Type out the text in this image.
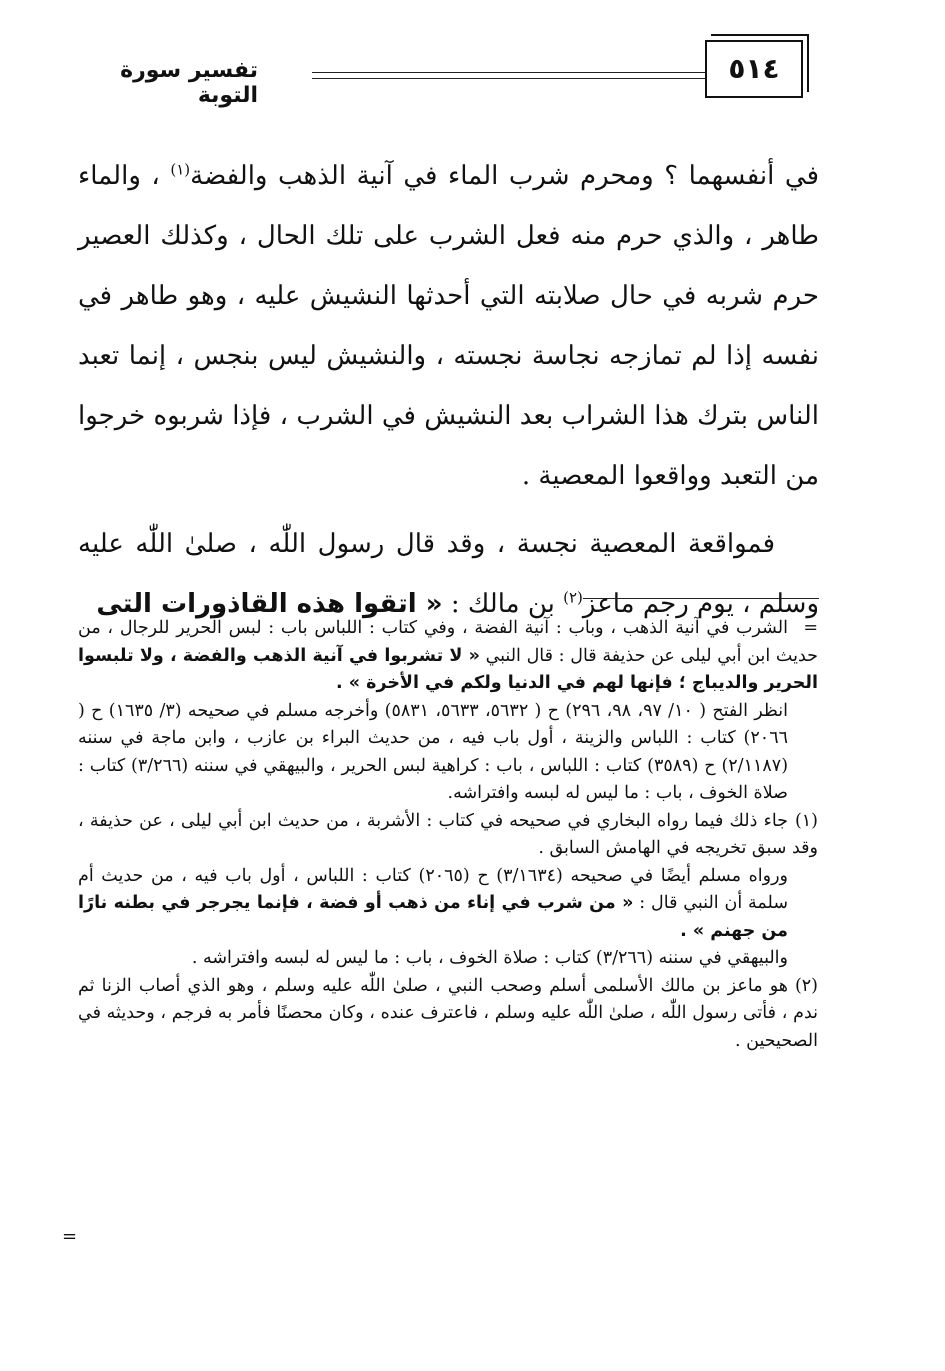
تفسير سورة التوبة
٥١٤

في أنفسهما ؟ ومحرم شرب الماء في آنية الذهب والفضة$^{(١)}$ ، والماء طاهر ، والذي حرم منه فعل الشرب على تلك الحال ، وكذلك العصير حرم شربه في حال صلابته التي أحدثها النشيش عليه ، وهو طاهر في نفسه إذا لم تمازجه نجاسة نجسته ، والنشيش ليس بنجس ، إنما تعبد الناس بترك هذا الشراب بعد النشيش في الشرب ، فإذا شربوه خرجوا من التعبد وواقعوا المعصية .

فمواقعة المعصية نجسة ، وقد قال رسول اللّٰه ، صلىٰ اللّٰه عليه وسلم ، يوم رجم ماعز$^{(٢)}$ بن مالك : « اتقوا هذه القاذورات التى

=الشرب في آنية الذهب ، وباب : آنية الفضة ، وفي كتاب : اللباس باب : لبس الحرير للرجال ، من حديث ابن أبي ليلى عن حذيفة قال : قال النبي « لا تشربوا في آنية الذهب والفضة ، ولا تلبسوا الحرير والديباج ؛ فإنها لهم في الدنيا ولكم في الأخرة » .

انظر الفتح ( ١٠/ ٩٧، ٩٨، ٢٩٦) ح ( ٥٦٣٢، ٥٦٣٣، ٥٨٣١) وأخرجه مسلم في صحيحه (٣/ ١٦٣٥) ح ( ٢٠٦٦) كتاب : اللباس والزينة ، أول باب فيه ، من حديث البراء بن عازب ، وابن ماجة في سننه (٢/١١٨٧) ح (٣٥٨٩) كتاب : اللباس ، باب : كراهية لبس الحرير ، والبيهقي في سننه (٣/٢٦٦) كتاب : صلاة الخوف ، باب : ما ليس له لبسه وافتراشه.

(١)جاء ذلك فيما رواه البخاري في صحيحه في كتاب : الأشربة ، من حديث ابن أبي ليلى ، عن حذيفة ، وقد سبق تخريجه في الهامش السابق .

ورواه مسلم أيضًا في صحيحه (٣/١٦٣٤) ح (٢٠٦٥) كتاب : اللباس ، أول باب فيه ، من حديث أم سلمة أن النبي قال : « من شرب في إناء من ذهب أو فضة ، فإنما يجرجر في بطنه نارًا من جهنم » .

والبيهقي في سننه (٣/٢٦٦) كتاب : صلاة الخوف ، باب : ما ليس له لبسه وافتراشه .

(٢)هو ماعز بن مالك الأسلمى أسلم وصحب النبي ، صلىٰ اللّٰه عليه وسلم ، وهو الذي أصاب الزنا ثم ندم ، فأتى رسول اللّٰه ، صلىٰ اللّٰه عليه وسلم ، فاعترف عنده ، وكان محصنًا فأمر به فرجم ، وحديثه في الصحيحين .

=
